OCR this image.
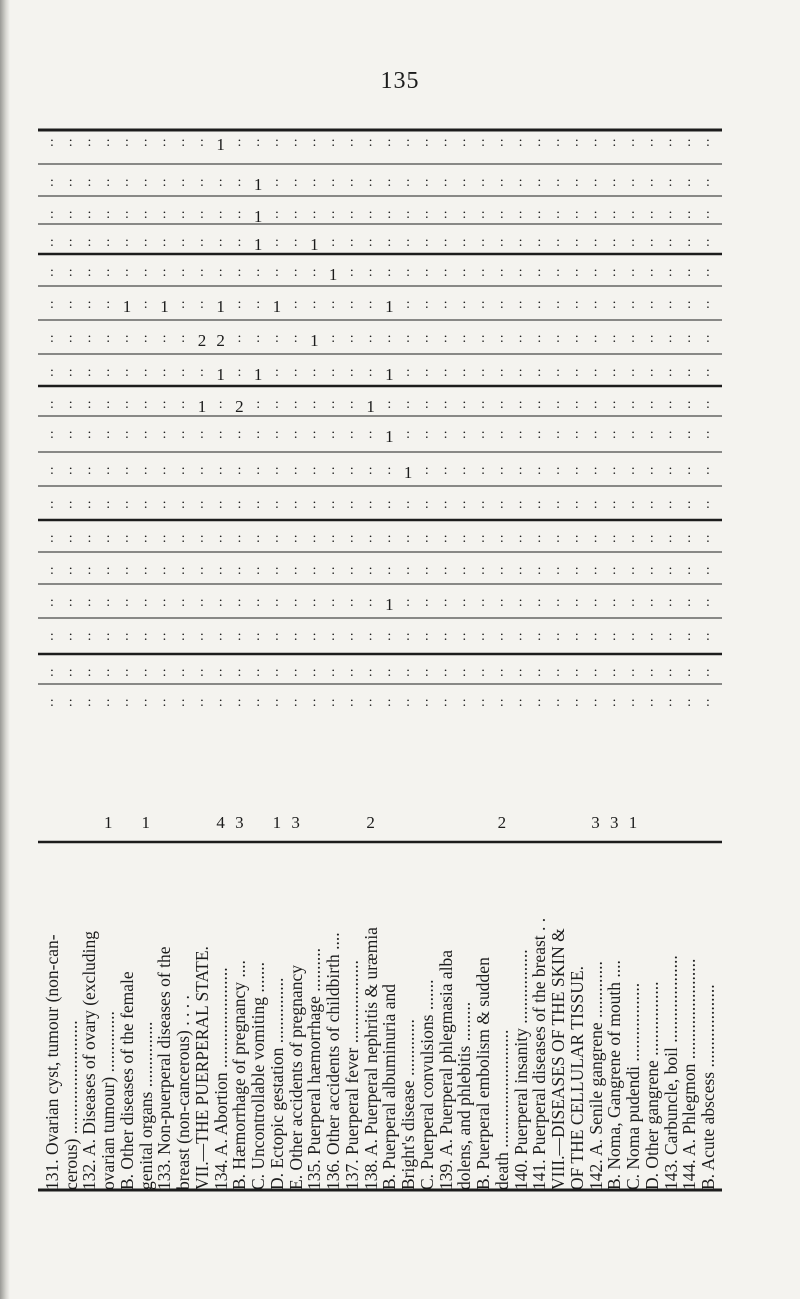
135
: : : : : : : : : 1 : : : : : : : : : : : : : : : : : : : : : : : : : :
: : : : : : : : : : : 1 : : : : : : : : : : : : : : : : : : : : : : : :
: : : : : : : : : : : 1 : : : : : : : : : : : : : : : : : : : : : : : :
: : : : : : : : : : : 1 : : 1 : : : : : : : : : : : : : : : : : : : : :
: : : : : : : : : : : : : : : 1 : : : : : : : : : : : : : : : : : : : :
: : : : 1 : 1 : : 1 : : 1 : : : : : 1 : : : : : : : : : : : : : : : : :
: : : : : : : : 2 2 : : : : 1 : : : : : : : : : : : : : : : : : : : : :
: : : : : : : : : 1 : 1 : : : : : : 1 : : : : : : : : : : : : : : : : :
: : : : : : : : 1 : 2 : : : : : : 1 : : : : : : : : : : : : : : : : : :
: : : : : : : : : : : : : : : : : : 1 : : : : : : : : : : : : : : : : :
: : : : : : : : : : : : : : : : : : : 1 : : : : : : : : : : : : : : : :
: : : : : : : : : : : : : : : : : : : : : : : : : : : : : : : : : : : :
: : : : : : : : : : : : : : : : : : : : : : : : : : : : : : : : : : : :
: : : : : : : : : : : : : : : : : : : : : : : : : : : : : : : : : : : :
: : : : : : : : : : : : : : : : : : 1 : : : : : : : : : : : : : : : : :
: : : : : : : : : : : : : : : : : : : : : : : : : : : : : : : : : : : :
: : : : : : : : : : : : : : : : : : : : : : : : : : : : : : : : : : : :
: : : : : : : : : : : : : : : : : : : : : : : : : : : : : : : : : : : :
1 1	4 3 1 3	2	2	3 3 1
131. Ovarian cyst, tumour (non-can-
cerous) ..........................
132. A. Diseases of ovary (excluding
ovarian tumour) ..............
B. Other diseases of the female
genital organs ...............
133. Non-puerperal diseases of the
breast (non-cancerous) . . . .
VII.—THE PUERPERAL STATE.
134. A. Abortion .......................
B. Hæmorrhage of pregnancy ....
C. Uncontrollable vomiting .......
D. Ectopic gestation ...............
E. Other accidents of pregnancy
135. Puerperal hæmorrhage ..........
136. Other accidents of childbirth ....
137. Puerperal fever ...................
138. A. Puerperal nephritis & uræmia
B. Puerperal albuminuria and
Bright's disease .............
C. Puerperal convulsions .......
139. A. Puerperal phlegmasia alba
dolens, and phlebitis .........
B. Puerperal embolism & sudden
death ...........................
140. Puerperal insanity .................
141. Puerperal diseases of the breast . .
VIII.—DISEASES OF THE SKIN &
OF THE CELLULAR TISSUE.
142. A. Senile gangrene .............
B. Noma, Gangrene of mouth ....
C. Noma pudendi ..................
D. Other gangrene .................
143. Carbuncle, boil ....................
144. A. Phlegmon .......................
B. Acute abscess ...................
